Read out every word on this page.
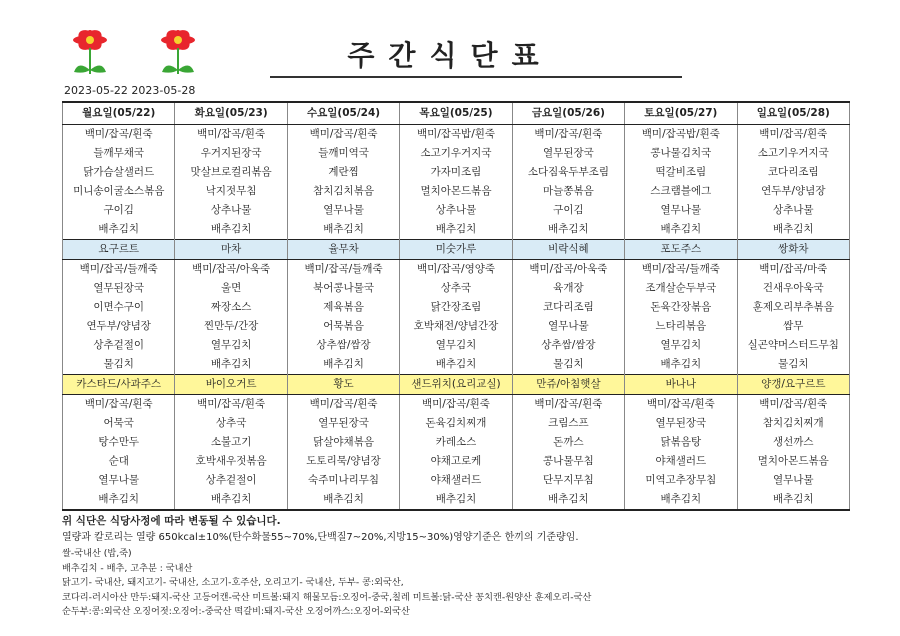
주간식단표
2023-05-22 2023-05-28
월요일(05/22)	화요일(05/23)	수요일(05/24)	목요일(05/25)	금요일(05/26)	토요일(05/27)	일요일(05/28)
백미/잡곡/흰죽	백미/잡곡/흰죽	백미/잡곡/흰죽	백미/잡곡밥/흰죽	백미/잡곡/흰죽	백미/잡곡밥/흰죽	백미/잡곡/흰죽
들깨무채국	우거지된장국	들깨미역국	소고기우거지국	열무된장국	콩나물김치국	소고기우거지국
닭가슴살샐러드	맛살브로컬리볶음	계란찜	가자미조림	소다짐육두부조림	떡갈비조림	코다리조림
미니송이굴소스볶음	낙지젓무침	참치김치볶음	멸치아몬드볶음	마늘쫑볶음	스크램블에그	연두부/양념장
구이김	상추나물	열무나물	상추나물	구이김	열무나물	상추나물
배추김치	배추김치	배추김치	배추김치	배추김치	배추김치	배추김치
요구르트	마차	율무차	미숫가루	비락식혜	포도주스	쌍화차
백미/잡곡/들깨죽	백미/잡곡/아욱죽	백미/잡곡/들깨죽	백미/잡곡/영양죽	백미/잡곡/아욱죽	백미/잡곡/들깨죽	백미/잡곡/마죽
열무된장국	울면	북어콩나물국	상추국	육개장	조개살순두부국	건새우아욱국
이면수구이	짜장소스	제육볶음	닭간장조림	코다리조림	돈육간장볶음	훈제오리부추볶음
연두부/양념장	찐만두/간장	어묵볶음	호박채전/양념간장	열무나물	느타리볶음	쌈무
상추겉절이	열무김치	상추쌈/쌈장	열무김치	상추쌈/쌈장	열무김치	실곤약머스터드무침
물김치	배추김치	배추김치	배추김치	물김치	배추김치	물김치
카스타드/사과주스	바이오거트	황도	샌드위치(요리교실)	만쥬/아침햇살	바나나	양갱/요구르트
백미/잡곡/흰죽	백미/잡곡/흰죽	백미/잡곡/흰죽	백미/잡곡/흰죽	백미/잡곡/흰죽	백미/잡곡/흰죽	백미/잡곡/흰죽
어묵국	상추국	열무된장국	돈육김치찌개	크림스프	열무된장국	참치김치찌개
탕수만두	소불고기	닭살야채볶음	카레소스	돈까스	닭볶음탕	생선까스
순대	호박새우젓볶음	도토리묵/양념장	야채고로케	콩나물무침	야채샐러드	멸치아몬드볶음
열무나물	상추겉절이	숙주미나리무침	야채샐러드	단무지무침	미역고추장무침	열무나물
배추김치	배추김치	배추김치	배추김치	배추김치	배추김치	배추김치
위 식단은 식당사정에 따라 변동될 수 있습니다.
열량과 칼로리는 열량 650kcal±10%(탄수화물55~70%,단백질7~20%,지방15~30%)영양기준은 한끼의 기준량임.
쌀-국내산 (밥,죽)
배추김치 - 배추, 고추분 : 국내산
닭고기- 국내산, 돼지고기- 국내산, 소고기-호주산, 오리고기- 국내산, 두부- 콩:외국산,
코다리-러시아산 만두:돼지-국산 고등어캔-국산 미트볼:돼지 해물모듬:오징어-중국,칠레 미트볼:닭-국산 꽁치캔-원양산 훈제오리-국산
순두부:콩:외국산 오징어젓:오징어:-중국산 떡갈비:돼지-국산 오징어까스:오징어-외국산
